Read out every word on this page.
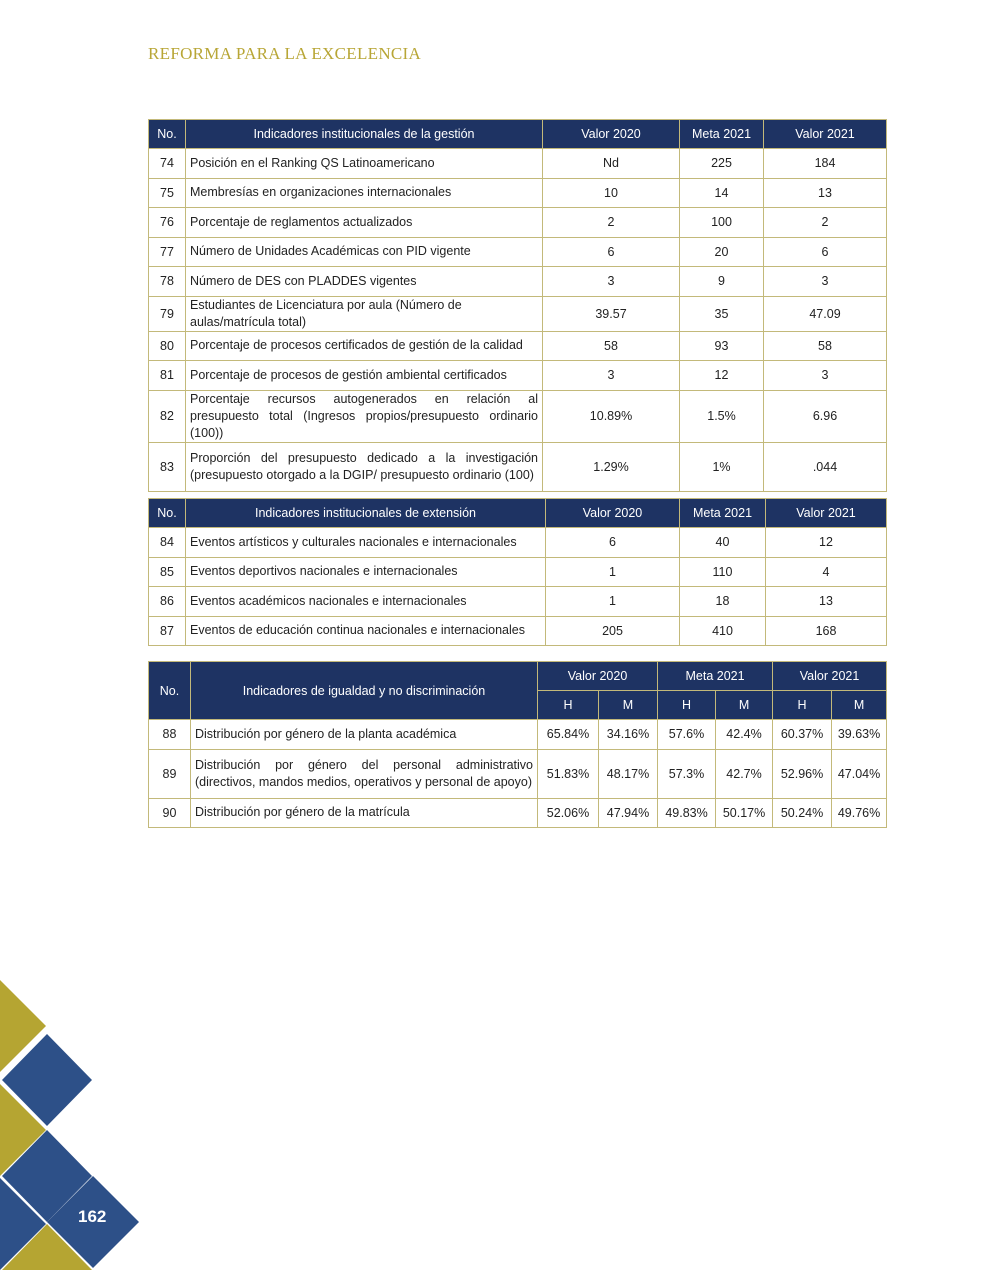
REFORMA PARA LA EXCELENCIA
No.	Indicadores institucionales de la gestión	Valor 2020	Meta 2021	Valor 2021
74	Posición en el Ranking QS Latinoamericano	Nd	225	184
75	Membresías en organizaciones internacionales	10	14	13
76	Porcentaje de reglamentos actualizados	2	100	2
77	Número de Unidades Académicas con PID vigente	6	20	6
78	Número de DES con PLADDES vigentes	3	9	3
79	Estudiantes de Licenciatura por aula (Número de aulas/matrícula total)	39.57	35	47.09
80	Porcentaje de procesos certificados de gestión de la calidad	58	93	58
81	Porcentaje de procesos de gestión ambiental certificados	3	12	3
82	Porcentaje recursos autogenerados en relación al presupuesto total (Ingresos propios/presupuesto ordinario (100))	10.89%	1.5%	6.96
83	Proporción del presupuesto dedicado a la investigación (presupuesto otorgado a la DGIP/ presupuesto ordinario (100)	1.29%	1%	.044
No.	Indicadores institucionales de extensión	Valor 2020	Meta 2021	Valor 2021
84	Eventos artísticos y culturales nacionales e internacionales	6	40	12
85	Eventos deportivos nacionales e internacionales	1	110	4
86	Eventos académicos nacionales e internacionales	1	18	13
87	Eventos de educación continua nacionales e internacionales	205	410	168
No.	Indicadores de igualdad y no discriminación	Valor 2020		Meta 2021		Valor 2021	
		H	M	H	M	H	M
88	Distribución por género de la planta académica	65.84%	34.16%	57.6%	42.4%	60.37%	39.63%
89	Distribución por género del personal administrativo (directivos, mandos medios, operativos y personal de apoyo)	51.83%	48.17%	57.3%	42.7%	52.96%	47.04%
90	Distribución por género de la matrícula	52.06%	47.94%	49.83%	50.17%	50.24%	49.76%
162
